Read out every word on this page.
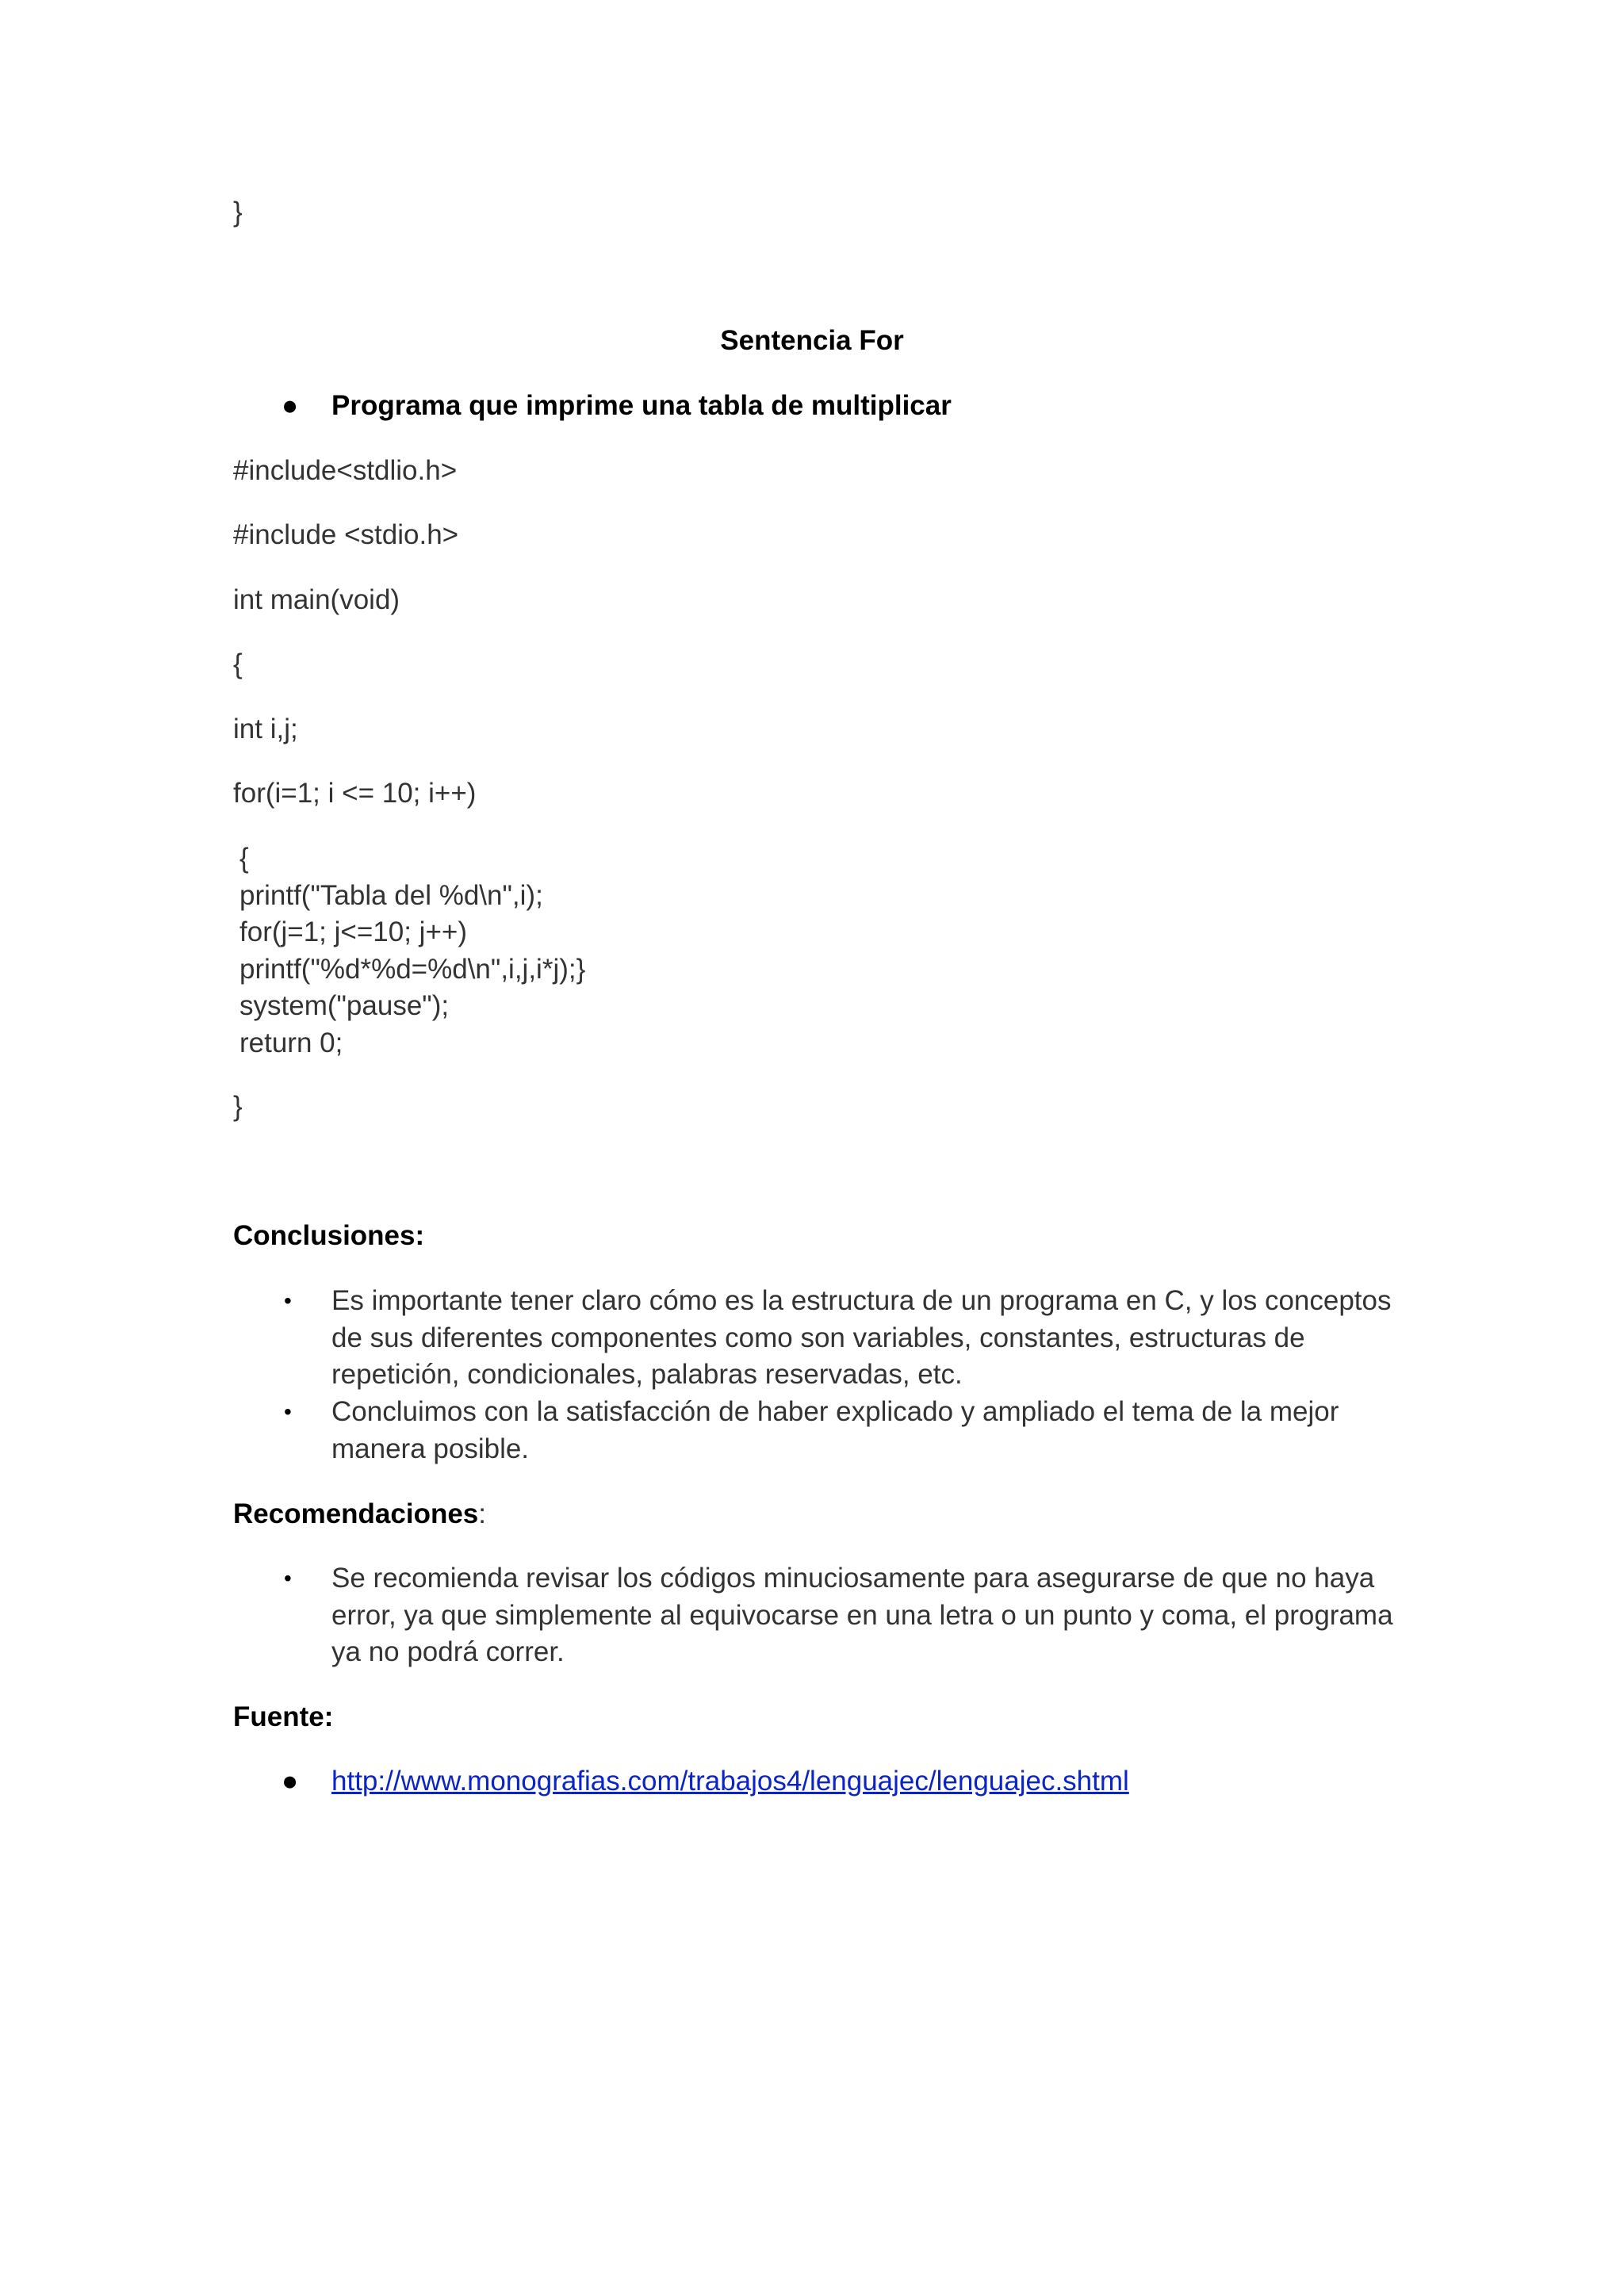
}
Sentencia For
● Programa que imprime una tabla de multiplicar
#include<stdlio.h>
#include <stdio.h>
int main(void)
{
int i,j;
for(i=1; i <= 10; i++)
{
printf("Tabla del %d\n",i);
for(j=1; j<=10; j++)
printf("%d*%d=%d\n",i,j,i*j);}
system("pause");
return 0;
}
Conclusiones:
• Es importante tener claro cómo es la estructura de un programa en C, y los conceptos de sus diferentes componentes como son variables, constantes, estructuras de repetición, condicionales, palabras reservadas, etc.
• Concluimos con la satisfacción de haber explicado y ampliado el tema de la mejor manera posible.
Recomendaciones:
• Se recomienda revisar los códigos minuciosamente para asegurarse de que no haya error, ya que simplemente al equivocarse en una letra o un punto y coma, el programa ya no podrá correr.
Fuente:
● http://www.monografias.com/trabajos4/lenguajec/lenguajec.shtml
